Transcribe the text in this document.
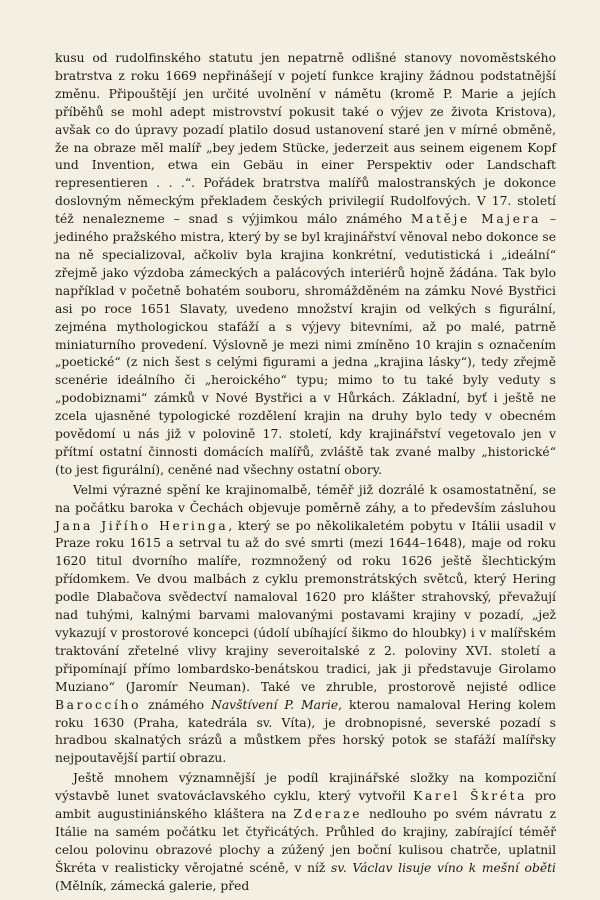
kusu od rudolfinského statutu jen nepatrně odlišné stanovy novoměstského bratrstva z roku 1669 nepřinášejí v pojetí funkce krajiny žádnou podstatnější změnu. Připouštějí jen určité uvolnění v námětu (kromě P. Marie a jejích příběhů se mohl adept mistrovství pokusit také o výjev ze života Kristova), avšak co do úpravy pozadí platilo dosud ustanovení staré jen v mírné obměně, že na obraze měl malíř „bey jedem Stücke, jederzeit aus seinem eigenem Kopf und Invention, etwa ein Gebäu in einer Perspektiv oder Landschaft representieren . . .“. Pořádek bratrstva malířů malostranských je dokonce doslovným německým překladem českých privilegií Rudolfových. V 17. století též nenalezneme – snad s výjimkou málo známého Matěje Majera – jediného pražského mistra, který by se byl krajinářství věnoval nebo dokonce se na ně specializoval, ačkoliv byla krajina konkrétní, vedutistická i „ideální“ zřejmě jako výzdoba zámeckých a palácových interiérů hojně žádána. Tak bylo například v početně bohatém souboru, shromážděném na zámku Nové Bystřici asi po roce 1651 Slavaty, uvedeno množství krajin od velkých s figurální, zejména mythologickou stafáží a s výjevy bitevními, až po malé, patrně miniaturního provedení. Výslovně je mezi nimi zmíněno 10 krajin s označením „poetické“ (z nich šest s celými figurami a jedna „krajina lásky“), tedy zřejmě scenérie ideálního či „heroického“ typu; mimo to tu také byly veduty s „podobiznami“ zámků v Nové Bystřici a v Hůrkách. Základní, byť i ještě ne zcela ujasněné typologické rozdělení krajin na druhy bylo tedy v obecném povědomí u nás již v polovině 17. století, kdy krajinářství vegetovalo jen v přítmí ostatní činnosti domácích malířů, zvláště tak zvané malby „historické“ (to jest figurální), ceněné nad všechny ostatní obory.

Velmi výrazné spění ke krajinomalbě, téměř již dozrálé k osamostatnění, se na počátku baroka v Čechách objevuje poměrně záhy, a to především zásluhou Jana Jiřího Heringa, který se po několikaletém pobytu v Itálii usadil v Praze roku 1615 a setrval tu až do své smrti (mezi 1644–1648), maje od roku 1620 titul dvorního malíře, rozmnožený od roku 1626 ještě šlechtickým přídomkem. Ve dvou malbách z cyklu premonstrátských světců, který Hering podle Dlabačova svědectví namaloval 1620 pro klášter strahovský, převažují nad tuhými, kalnými barvami malovanými postavami krajiny v pozadí, „jež vykazují v prostorové koncepci (údolí ubíhající šikmo do hloubky) i v malířském traktování zřetelné vlivy krajiny severoitalské z 2. poloviny XVI. století a připomínají přímo lombardsko-benátskou tradici, jak ji představuje Girolamo Muziano“ (Jaromír Neuman). Také ve zhruble, prostorově nejisté odlice Baroccího známého Navštívení P. Marie, kterou namaloval Hering kolem roku 1630 (Praha, katedrála sv. Víta), je drobnopisné, severské pozadí s hradbou skalnatých srázů a můstkem přes horský potok se stafáží malířsky nejpoutavější partií obrazu.

Ještě mnohem významnější je podíl krajinářské složky na kompoziční výstavbě lunet svatováclavského cyklu, který vytvořil Karel Škréta pro ambit augustiniánského kláštera na Zderaze nedlouho po svém návratu z Itálie na samém počátku let čtyřicátých. Průhled do krajiny, zabírající téměř celou polovinu obrazové plochy a zúžený jen boční kulisou chatrče, uplatnil Škréta v realisticky věrojatné scéně, v níž sv. Václav lisuje víno k mešní oběti (Mělník, zámecká galerie, před
